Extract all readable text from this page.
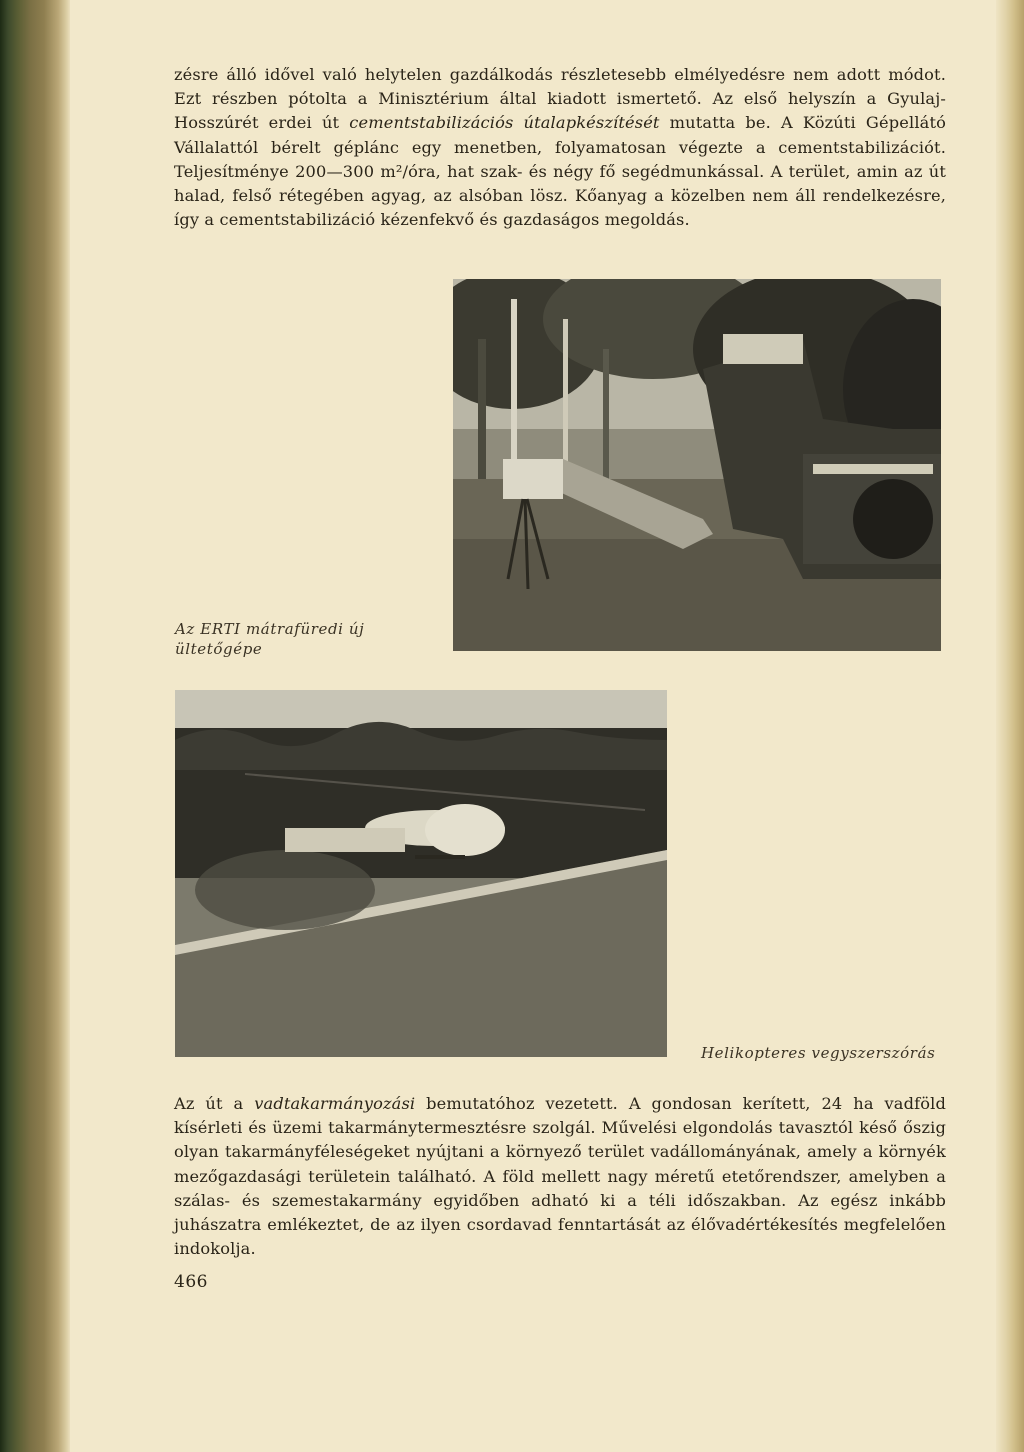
zésre álló idővel való helytelen gazdálkodás részletesebb elmélyedésre nem adott módot. Ezt részben pótolta a Minisztérium által kiadott ismertető. Az első helyszín a Gyulaj-Hosszúrét erdei út cementstabilizációs útalapkészítését mutatta be. A Közúti Gépellátó Vállalattól bérelt géplánc egy menetben, folyamatosan végezte a cementstabilizációt. Teljesítménye 200—300 m²/óra, hat szak- és négy fő segédmunkással. A terület, amin az út halad, felső rétegében agyag, az alsóban lösz. Kőanyag a közelben nem áll rendelkezésre, így a cementstabilizáció kézenfekvő és gazdaságos megoldás.

Az ERTI mátrafüredi új ültetőgépe
Helikopteres vegyszerszórás

Az út a vadtakarmányozási bemutatóhoz vezetett. A gondosan kerített, 24 ha vadföld kísérleti és üzemi takarmánytermesztésre szolgál. Művelési elgondolás tavasztól késő őszig olyan takarmányféleségeket nyújtani a környező terület vadállományának, amely a környék mezőgazdasági területein található. A föld mellett nagy méretű etetőrendszer, amelyben a szálas- és szemestakarmány egyidőben adható ki a téli időszakban. Az egész inkább juhászatra emlékeztet, de az ilyen csordavad fenntartását az élővadértékesítés megfelelően indokolja.

466
